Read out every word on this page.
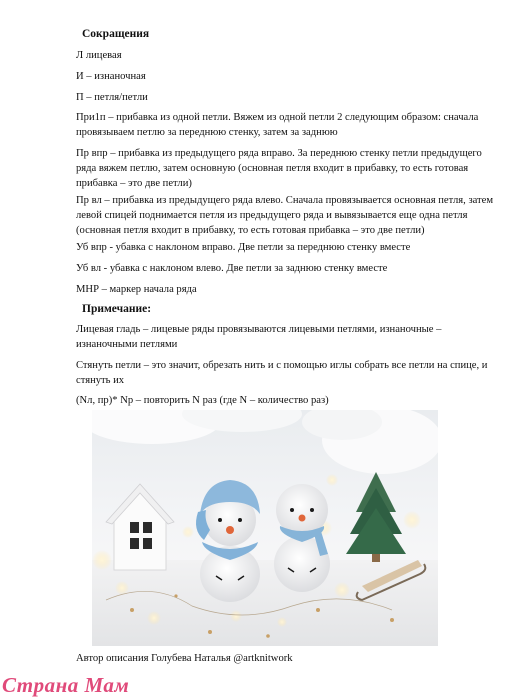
Сокращения
Л лицевая
И – изнаночная
П – петля/петли
При1п – прибавка из одной петли. Вяжем из одной петли 2 следующим образом: сначала провязываем петлю за переднюю стенку, затем за заднюю
Пр впр – прибавка из предыдущего ряда вправо. За переднюю стенку петли предыдущего ряда вяжем петлю, затем основную (основная петля входит в прибавку, то есть готовая прибавка – это две петли)
Пр вл – прибавка из предыдущего ряда влево. Сначала провязывается основная петля, затем левой спицей поднимается петля из предыдущего ряда и вывязывается еще одна петля (основная петля входит в прибавку, то есть готовая прибавка – это две петли)
Уб впр - убавка с наклоном вправо. Две петли за переднюю стенку вместе
Уб вл - убавка с наклоном влево. Две петли за заднюю стенку вместе
МНР – маркер начала ряда
Примечание:
Лицевая гладь – лицевые ряды провязываются лицевыми петлями, изнаночные – изнаночными петлями
Стянуть петли – это значит, обрезать нить и с помощью иглы собрать все петли на спице, и стянуть их
(Nл, пр)* Np – повторить N раз (где N – количество раз)
Автор описания Голубева Наталья @artknitwork
Страна Мам
